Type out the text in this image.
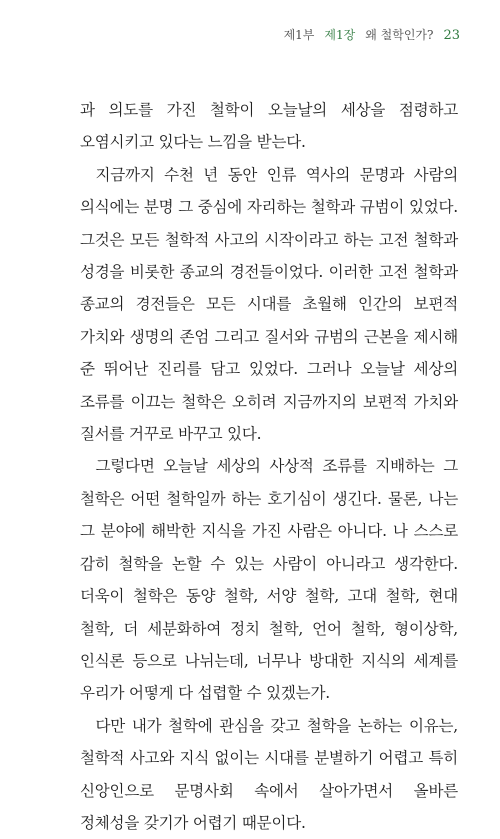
제1부 제1장 왜 철학인가? 23

과 의도를 가진 철학이 오늘날의 세상을 점령하고 오염시키고 있다는 느낌을 받는다.

지금까지 수천 년 동안 인류 역사의 문명과 사람의 의식에는 분명 그 중심에 자리하는 철학과 규범이 있었다. 그것은 모든 철학적 사고의 시작이라고 하는 고전 철학과 성경을 비롯한 종교의 경전들이었다. 이러한 고전 철학과 종교의 경전들은 모든 시대를 초월해 인간의 보편적 가치와 생명의 존엄 그리고 질서와 규범의 근본을 제시해 준 뛰어난 진리를 담고 있었다. 그러나 오늘날 세상의 조류를 이끄는 철학은 오히려 지금까지의 보편적 가치와 질서를 거꾸로 바꾸고 있다.

그렇다면 오늘날 세상의 사상적 조류를 지배하는 그 철학은 어떤 철학일까 하는 호기심이 생긴다. 물론, 나는 그 분야에 해박한 지식을 가진 사람은 아니다. 나 스스로 감히 철학을 논할 수 있는 사람이 아니라고 생각한다. 더욱이 철학은 동양 철학, 서양 철학, 고대 철학, 현대 철학, 더 세분화하여 정치 철학, 언어 철학, 형이상학, 인식론 등으로 나뉘는데, 너무나 방대한 지식의 세계를 우리가 어떻게 다 섭렵할 수 있겠는가.

다만 내가 철학에 관심을 갖고 철학을 논하는 이유는, 철학적 사고와 지식 없이는 시대를 분별하기 어렵고 특히 신앙인으로 문명사회 속에서 살아가면서 올바른 정체성을 갖기가 어렵기 때문이다.
